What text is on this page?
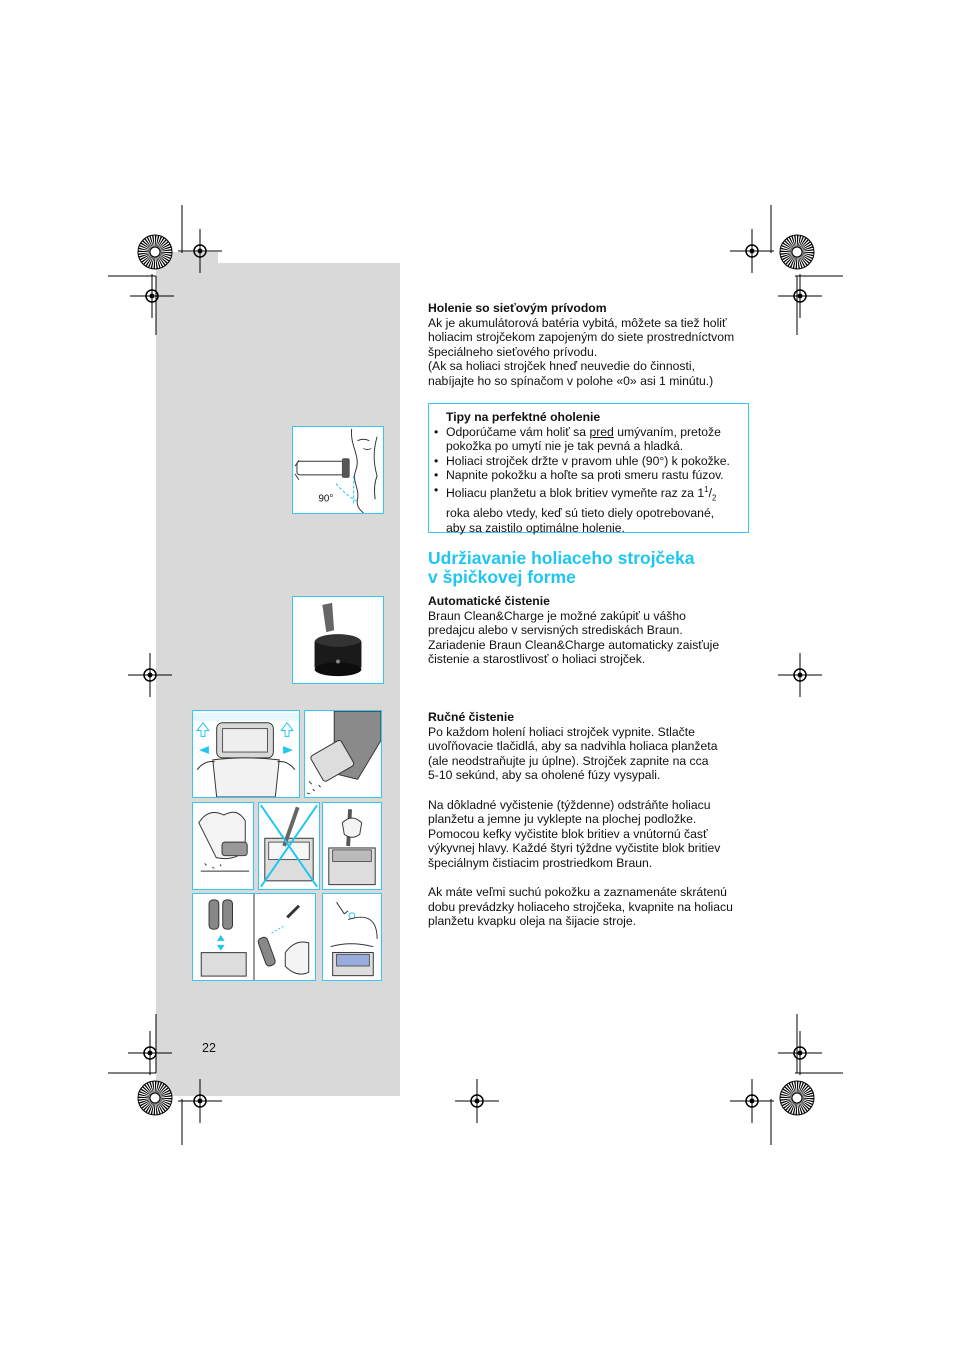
Holenie so sieťovým prívodom

Ak je akumulátorová batéria vybitá, môžete sa tiež holiť

holiacim strojčekom zapojeným do siete prostredníctvom

špeciálneho sieťového prívodu.

(Ak sa holiaci strojček hneď neuvedie do činnosti,

nabíjajte ho so spínačom v polohe «0» asi 1 minútu.)

Tipy na perfektné oholenie
• Odporúčame vám holiť sa pred umývaním, pretože
pokožka po umytí nie je tak pevná a hladká.
• Holiaci strojček držte v pravom uhle (90°) k pokožke.
• Napnite pokožku a hoľte sa proti smeru rastu fúzov.
• Holiacu planžetu a blok britiev vymeňte raz za $1^1/_2$
roka alebo vtedy, keď sú tieto diely opotrebované,
aby sa zaistilo optimálne holenie.
Udržiavanie holiaceho strojčeka
v špičkovej forme

Automatické čistenie

Braun Clean&Charge je možné zakúpiť u vášho

predajcu alebo v servisných strediskách Braun.

Zariadenie Braun Clean&Charge automaticky zaisťuje

čistenie a starostlivosť o holiaci strojček.

Ručné čistenie

Po každom holení holiaci strojček vypnite. Stlačte

uvoľňovacie tlačidlá, aby sa nadvihla holiaca planžeta

(ale neodstraňujte ju úplne). Strojček zapnite na cca

5-10 sekúnd, aby sa oholené fúzy vysypali.

Na dôkladné vyčistenie (týždenne) odstráňte holiacu

planžetu a jemne ju vyklepte na plochej podložke.

Pomocou kefky vyčistite blok britiev a vnútornú časť

výkyvnej hlavy. Každé štyri týždne vyčistite blok britiev

špeciálnym čistiacim prostriedkom Braun.

Ak máte veľmi suchú pokožku a zaznamenáte skrátenú

dobu prevádzky holiaceho strojčeka, kvapnite na holiacu

planžetu kvapku oleja na šijacie stroje.

90°
22
